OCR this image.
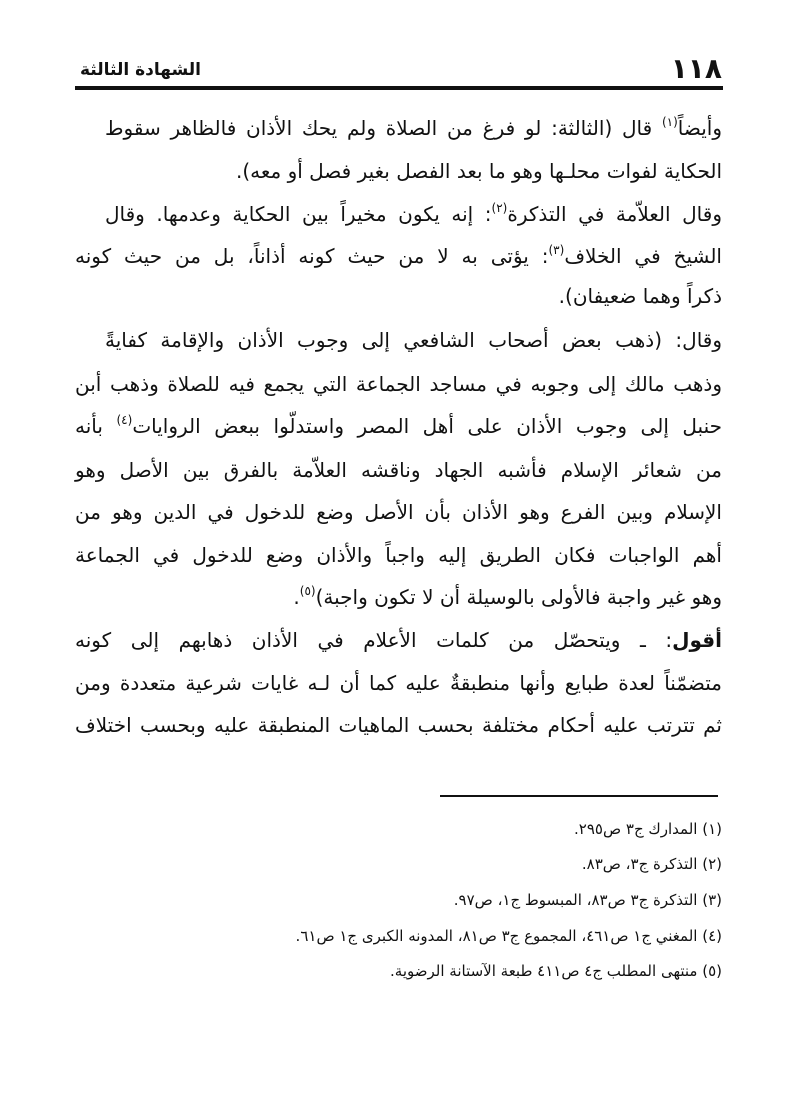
١١٨
الشهادة الثالثة
وأيضاً$^{(١)}$ قال (الثالثة: لو فرغ من الصلاة ولم يحك الأذان فالظاهر سقوط
الحكاية لفوات محلـها وهو ما بعد الفصل بغير فصل أو معه).
وقال العلاّمة في التذكرة$^{(٢)}$: إنه يكون مخيراً بين الحكاية وعدمها. وقال
الشيخ في الخلاف$^{(٣)}$: يؤتى به لا من حيث كونه أذاناً، بل من حيث كونه
ذكراً وهما ضعيفان).
وقال: (ذهب بعض أصحاب الشافعي إلى وجوب الأذان والإقامة كفايةً
وذهب مالك إلى وجوبه في مساجد الجماعة التي يجمع فيه للصلاة وذهب أبن
حنبل إلى وجوب الأذان على أهل المصر واستدلّوا ببعض الروايات$^{(٤)}$ بأنه
من شعائر الإسلام فأشبه الجهاد وناقشه العلاّمة بالفرق بين الأصل وهو
الإسلام وبين الفرع وهو الأذان بأن الأصل وضع للدخول في الدين وهو من
أهم الواجبات فكان الطريق إليه واجباً والأذان وضع للدخول في الجماعة
وهو غير واجبة فالأولى بالوسيلة أن لا تكون واجبة)$^{(٥)}$.
أقول: ـ ويتحصّل من كلمات الأعلام في الأذان ذهابهم إلى كونه
متضمّناً لعدة طبايع وأنها منطبقةٌ عليه كما أن لـه غايات شرعية متعددة ومن
ثم تترتب عليه أحكام مختلفة بحسب الماهيات المنطبقة عليه وبحسب اختلاف
(١) المدارك ج٣ ص٢٩٥.
(٢) التذكرة ج٣، ص٨٣.
(٣) التذكرة ج٣ ص٨٣، المبسوط ج١، ص٩٧.
(٤) المغني ج١ ص٤٦١، المجموع ج٣ ص٨١، المدونه الكبرى ج١ ص٦١.
(٥) منتهى المطلب ج٤ ص٤١١ طبعة الآستانة الرضوية.
